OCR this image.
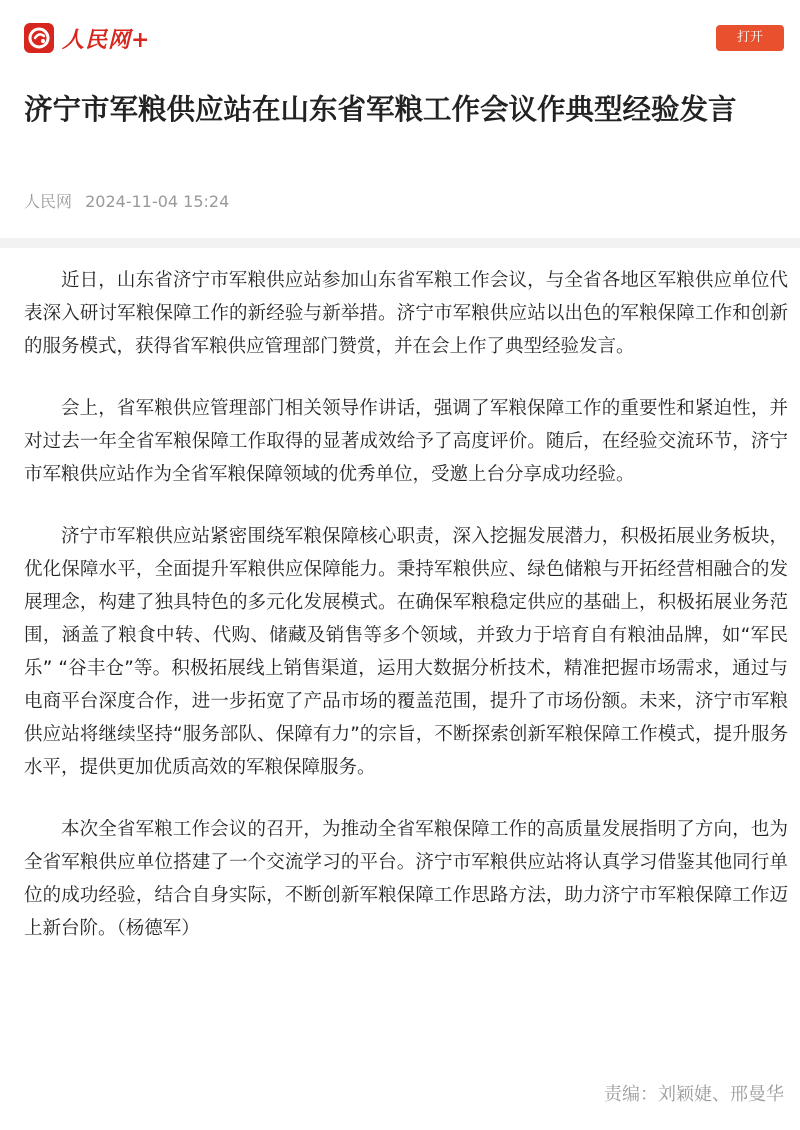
人民网+	打开
济宁市军粮供应站在山东省军粮工作会议作典型经验发言
人民网 2024-11-04 15:24

近日，山东省济宁市军粮供应站参加山东省军粮工作会议，与全省各地区军粮供应单位代表深入研讨军粮保障工作的新经验与新举措。济宁市军粮供应站以出色的军粮保障工作和创新的服务模式，获得省军粮供应管理部门赞赏，并在会上作了典型经验发言。

会上，省军粮供应管理部门相关领导作讲话，强调了军粮保障工作的重要性和紧迫性，并对过去一年全省军粮保障工作取得的显著成效给予了高度评价。随后，在经验交流环节，济宁市军粮供应站作为全省军粮保障领域的优秀单位，受邀上台分享成功经验。

济宁市军粮供应站紧密围绕军粮保障核心职责，深入挖掘发展潜力，积极拓展业务板块，优化保障水平，全面提升军粮供应保障能力。秉持军粮供应、绿色储粮与开拓经营相融合的发展理念，构建了独具特色的多元化发展模式。在确保军粮稳定供应的基础上，积极拓展业务范围，涵盖了粮食中转、代购、储藏及销售等多个领域，并致力于培育自有粮油品牌，如“军民乐” “谷丰仓”等。积极拓展线上销售渠道，运用大数据分析技术，精准把握市场需求，通过与电商平台深度合作，进一步拓宽了产品市场的覆盖范围，提升了市场份额。未来，济宁市军粮供应站将继续坚持“服务部队、保障有力”的宗旨，不断探索创新军粮保障工作模式，提升服务水平，提供更加优质高效的军粮保障服务。

本次全省军粮工作会议的召开，为推动全省军粮保障工作的高质量发展指明了方向，也为全省军粮供应单位搭建了一个交流学习的平台。济宁市军粮供应站将认真学习借鉴其他同行单位的成功经验，结合自身实际，不断创新军粮保障工作思路方法，助力济宁市军粮保障工作迈上新台阶。（杨德军）

责编：刘颖婕、邢曼华
